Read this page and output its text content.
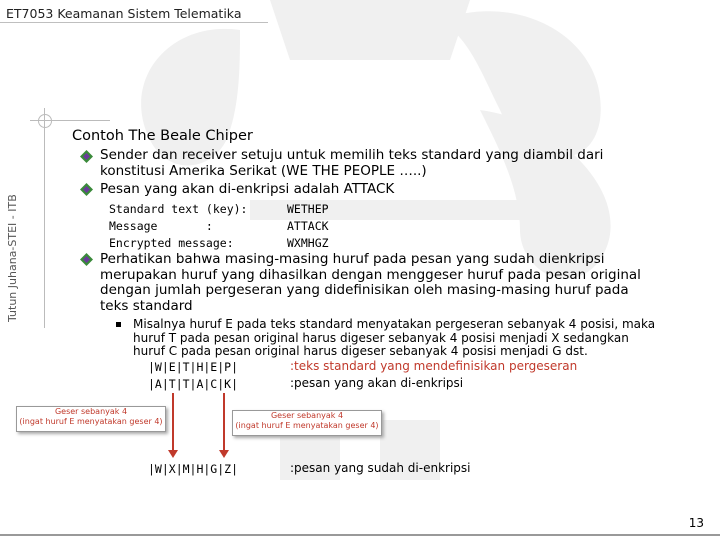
ET7053 Keamanan Sistem Telematika
Tutun Juhana-STEI - ITB
Contoh The Beale Chiper
Sender dan receiver setuju untuk memilih teks standard yang diambil dari
konstitusi Amerika Serikat (WE THE PEOPLE …..)
Pesan yang akan di-enkripsi adalah ATTACK
Standard text (key):	WETHEP
Message       :	ATTACK
Encrypted message:	WXMHGZ
Perhatikan bahwa masing-masing huruf pada pesan yang sudah dienkripsi
merupakan huruf yang dihasilkan dengan menggeser huruf pada pesan original
dengan jumlah pergeseran yang didefinisikan oleh masing-masing huruf pada
teks standard
Misalnya huruf E pada teks standard menyatakan pergeseran sebanyak 4 posisi, maka
huruf T pada pesan original harus digeser sebanyak 4 posisi menjadi X sedangkan
huruf C pada pesan original harus digeser sebanyak 4 posisi menjadi G dst.
|W|E|T|H|E|P|	:teks standard yang mendefinisikan pergeseran
|A|T|T|A|C|K|	:pesan yang akan di-enkripsi
Geser sebanyak 4
(ingat huruf E menyatakan geser 4)
Geser sebanyak 4
(ingat huruf E menyatakan geser 4)
|W|X|M|H|G|Z|	:pesan yang sudah di-enkripsi
13
